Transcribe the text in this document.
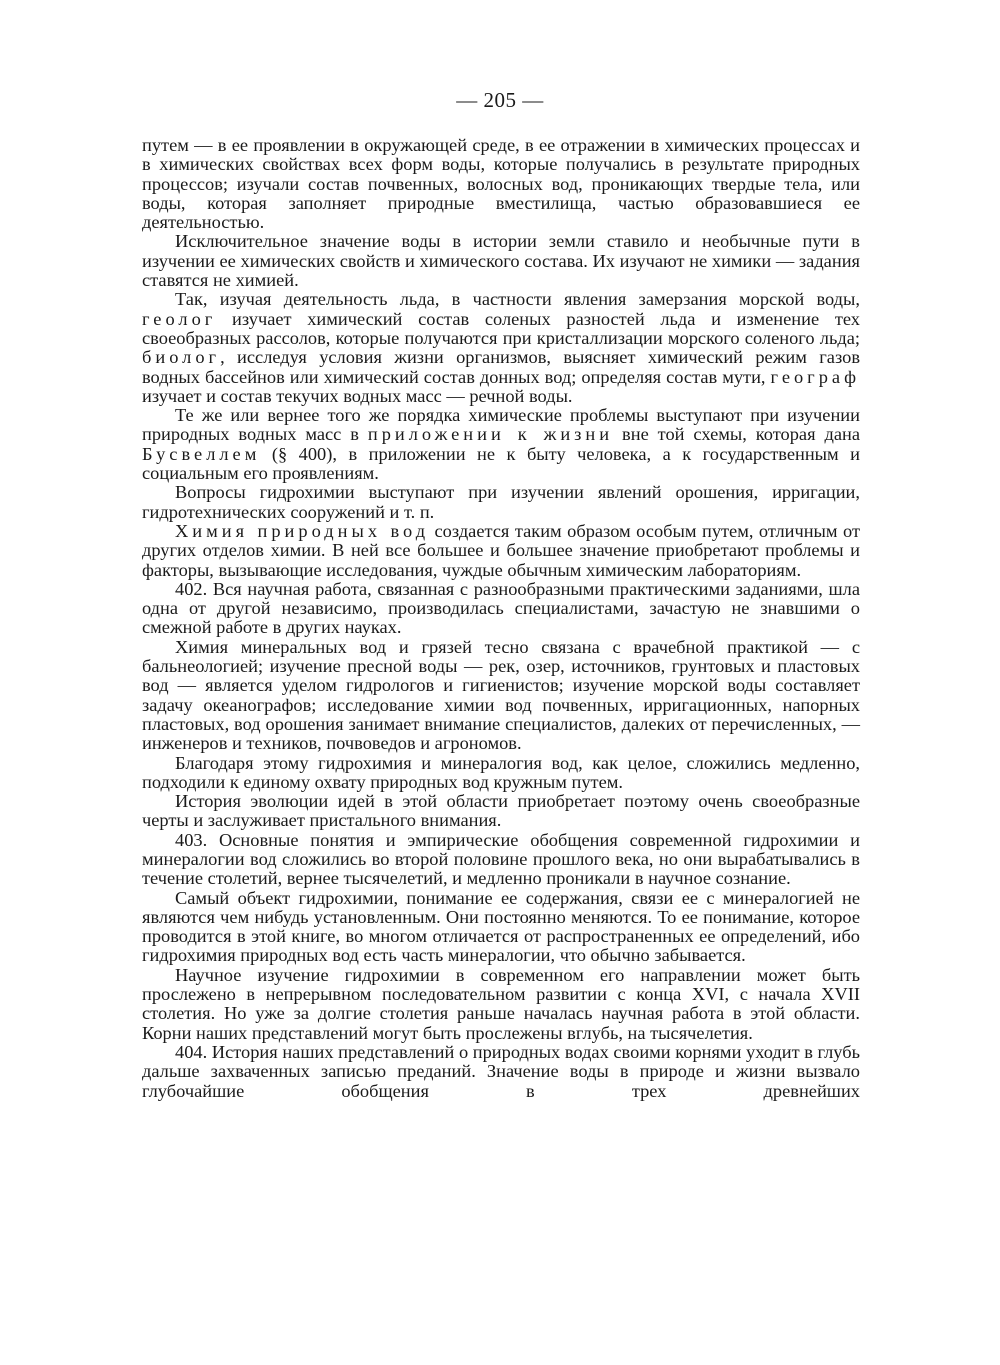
— 205 —

путем — в ее проявлении в окружающей среде, в ее отражении в химических процессах и в химических свойствах всех форм воды, которые получались в результате природных процессов; изучали состав почвенных, волосных вод, проникающих твердые тела, или воды, которая заполняет природные вместилища, частью образовавшиеся ее деятельностью.

Исключительное значение воды в истории земли ставило и необычные пути в изучении ее химических свойств и химического состава. Их изучают не химики — задания ставятся не химией.

Так, изучая деятельность льда, в частности явления замерзания морской воды, геолог изучает химический состав соленых разностей льда и изменение тех своеобразных рассолов, которые получаются при кристаллизации морского соленого льда; биолог, исследуя условия жизни организмов, выясняет химический режим газов водных бассейнов или химический состав донных вод; определяя состав мути, географ изучает и состав текучих водных масс — речной воды.

Те же или вернее того же порядка химические проблемы выступают при изучении природных водных масс в приложении к жизни вне той схемы, которая дана Бусвеллем (§ 400), в приложении не к быту человека, а к государственным и социальным его проявлениям.

Вопросы гидрохимии выступают при изучении явлений орошения, ирригации, гидротехнических сооружений и т. п.

Химия природных вод создается таким образом особым путем, отличным от других отделов химии. В ней все большее и большее значение приобретают проблемы и факторы, вызывающие исследования, чуждые обычным химическим лабораториям.

402. Вся научная работа, связанная с разнообразными практическими заданиями, шла одна от другой независимо, производилась специалистами, зачастую не знавшими о смежной работе в других науках.

Химия минеральных вод и грязей тесно связана с врачебной практикой — с бальнеологией; изучение пресной воды — рек, озер, источников, грунтовых и пластовых вод — является уделом гидрологов и гигиенистов; изучение морской воды составляет задачу океанографов; исследование химии вод почвенных, ирригационных, напорных пластовых, вод орошения занимает внимание специалистов, далеких от перечисленных, — инженеров и техников, почвоведов и агрономов.

Благодаря этому гидрохимия и минералогия вод, как целое, сложились медленно, подходили к единому охвату природных вод кружным путем.

История эволюции идей в этой области приобретает поэтому очень своеобразные черты и заслуживает пристального внимания.

403. Основные понятия и эмпирические обобщения современной гидрохимии и минералогии вод сложились во второй половине прошлого века, но они вырабатывались в течение столетий, вернее тысячелетий, и медленно проникали в научное сознание.

Самый объект гидрохимии, понимание ее содержания, связи ее с минералогией не являются чем нибудь установленным. Они постоянно меняются. То ее понимание, которое проводится в этой книге, во многом отличается от распространенных ее определений, ибо гидрохимия природных вод есть часть минералогии, что обычно забывается.

Научное изучение гидрохимии в современном его направлении может быть прослежено в непрерывном последовательном развитии с конца XVI, с начала XVII столетия. Но уже за долгие столетия раньше началась научная работа в этой области. Корни наших представлений могут быть прослежены вглубь, на тысячелетия.

404. История наших представлений о природных водах своими корнями уходит в глубь дальше захваченных записью преданий. Значение воды в природе и жизни вызвало глубочайшие обобщения в трех древнейших
